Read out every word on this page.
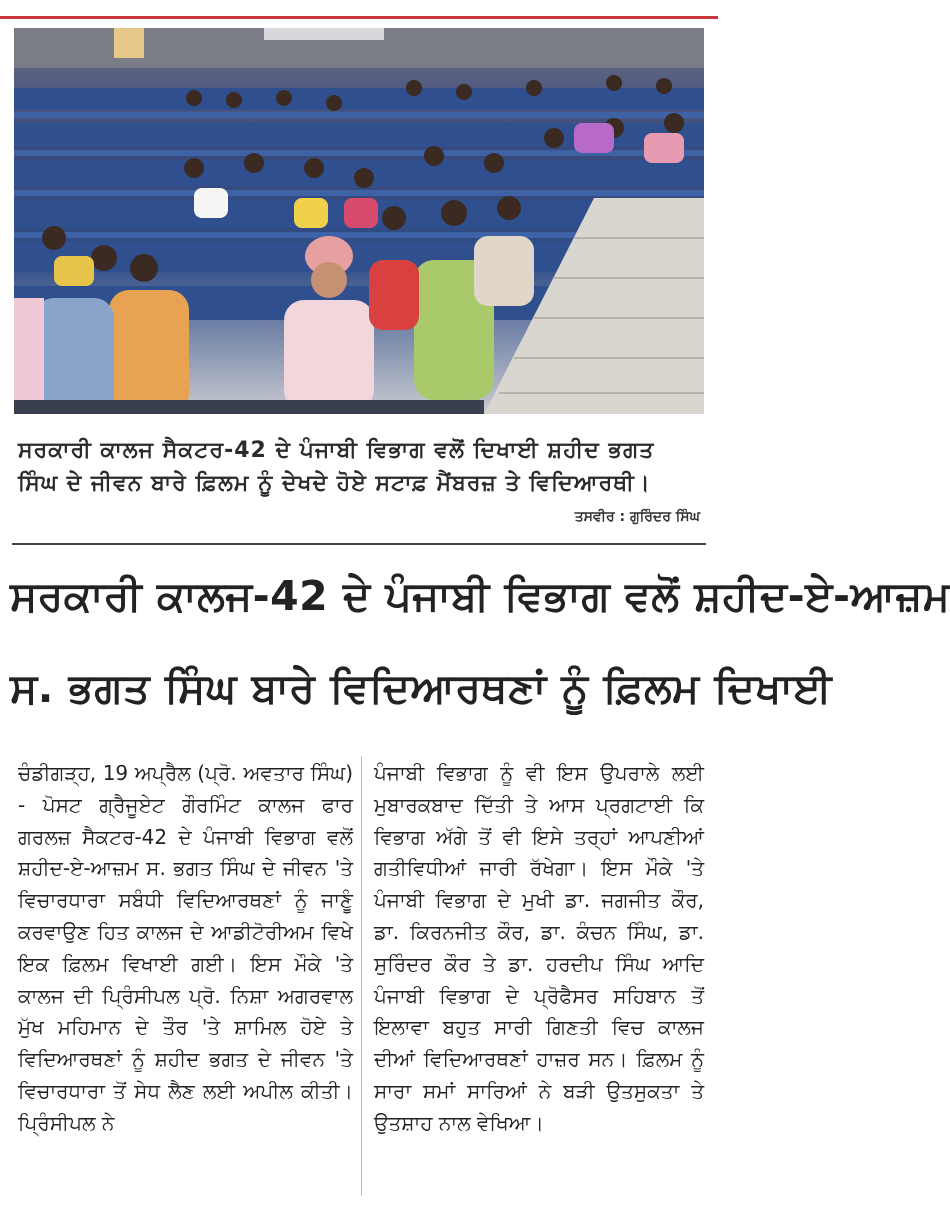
ਸਰਕਾਰੀ ਕਾਲਜ ਸੈਕਟਰ-42 ਦੇ ਪੰਜਾਬੀ ਵਿਭਾਗ ਵਲੋਂ ਦਿਖਾਈ ਸ਼ਹੀਦ ਭਗਤ ਸਿੰਘ ਦੇ ਜੀਵਨ ਬਾਰੇ ਫ਼ਿਲਮ ਨੂੰ ਦੇਖਦੇ ਹੋਏ ਸਟਾਫ਼ ਮੈਂਬਰਜ਼ ਤੇ ਵਿਦਿਆਰਥੀ।
ਤਸਵੀਰ : ਗੁਰਿੰਦਰ ਸਿੰਘ
ਸਰਕਾਰੀ ਕਾਲਜ-42 ਦੇ ਪੰਜਾਬੀ ਵਿਭਾਗ ਵਲੋਂ ਸ਼ਹੀਦ-ਏ-ਆਜ਼ਮ
ਸ. ਭਗਤ ਸਿੰਘ ਬਾਰੇ ਵਿਦਿਆਰਥਣਾਂ ਨੂੰ ਫ਼ਿਲਮ ਦਿਖਾਈ

ਚੰਡੀਗੜ੍ਹ, 19 ਅਪ੍ਰੈਲ (ਪ੍ਰੋ. ਅਵਤਾਰ ਸਿੰਘ) - ਪੋਸਟ ਗ੍ਰੈਜੂਏਟ ਗੌਰਮਿੰਟ ਕਾਲਜ ਫਾਰ ਗਰਲਜ਼ ਸੈਕਟਰ-42 ਦੇ ਪੰਜਾਬੀ ਵਿਭਾਗ ਵਲੋਂ ਸ਼ਹੀਦ-ਏ-ਆਜ਼ਮ ਸ. ਭਗਤ ਸਿੰਘ ਦੇ ਜੀਵਨ 'ਤੇ ਵਿਚਾਰਧਾਰਾ ਸਬੰਧੀ ਵਿਦਿਆਰਥਣਾਂ ਨੂੰ ਜਾਣੂੰ ਕਰਵਾਉਣ ਹਿਤ ਕਾਲਜ ਦੇ ਆਡੀਟੋਰੀਅਮ ਵਿਖੇ ਇਕ ਫ਼ਿਲਮ ਵਿਖਾਈ ਗਈ। ਇਸ ਮੌਕੇ 'ਤੇ ਕਾਲਜ ਦੀ ਪ੍ਰਿੰਸੀਪਲ ਪ੍ਰੋ. ਨਿਸ਼ਾ ਅਗਰਵਾਲ ਮੁੱਖ ਮਹਿਮਾਨ ਦੇ ਤੌਰ 'ਤੇ ਸ਼ਾਮਿਲ ਹੋਏ ਤੇ ਵਿਦਿਆਰਥਣਾਂ ਨੂੰ ਸ਼ਹੀਦ ਭਗਤ ਦੇ ਜੀਵਨ 'ਤੇ ਵਿਚਾਰਧਾਰਾ ਤੋਂ ਸੇਧ ਲੈਣ ਲਈ ਅਪੀਲ ਕੀਤੀ। ਪ੍ਰਿੰਸੀਪਲ ਨੇ

ਪੰਜਾਬੀ ਵਿਭਾਗ ਨੂੰ ਵੀ ਇਸ ਉਪਰਾਲੇ ਲਈ ਮੁਬਾਰਕਬਾਦ ਦਿੱਤੀ ਤੇ ਆਸ ਪ੍ਰਗਟਾਈ ਕਿ ਵਿਭਾਗ ਅੱਗੇ ਤੋਂ ਵੀ ਇਸੇ ਤਰ੍ਹਾਂ ਆਪਣੀਆਂ ਗਤੀਵਿਧੀਆਂ ਜਾਰੀ ਰੱਖੇਗਾ। ਇਸ ਮੌਕੇ 'ਤੇ ਪੰਜਾਬੀ ਵਿਭਾਗ ਦੇ ਮੁਖੀ ਡਾ. ਜਗਜੀਤ ਕੌਰ, ਡਾ. ਕਿਰਨਜੀਤ ਕੌਰ, ਡਾ. ਕੰਚਨ ਸਿੰਘ, ਡਾ. ਸੁਰਿੰਦਰ ਕੌਰ ਤੇ ਡਾ. ਹਰਦੀਪ ਸਿੰਘ ਆਦਿ ਪੰਜਾਬੀ ਵਿਭਾਗ ਦੇ ਪ੍ਰੋਫੈਸਰ ਸਹਿਬਾਨ ਤੋਂ ਇਲਾਵਾ ਬਹੁਤ ਸਾਰੀ ਗਿਣਤੀ ਵਿਚ ਕਾਲਜ ਦੀਆਂ ਵਿਦਿਆਰਥਣਾਂ ਹਾਜ਼ਰ ਸਨ। ਫ਼ਿਲਮ ਨੂੰ ਸਾਰਾ ਸਮਾਂ ਸਾਰਿਆਂ ਨੇ ਬੜੀ ਉਤਸੁਕਤਾ ਤੇ ਉਤਸ਼ਾਹ ਨਾਲ ਵੇਖਿਆ।
